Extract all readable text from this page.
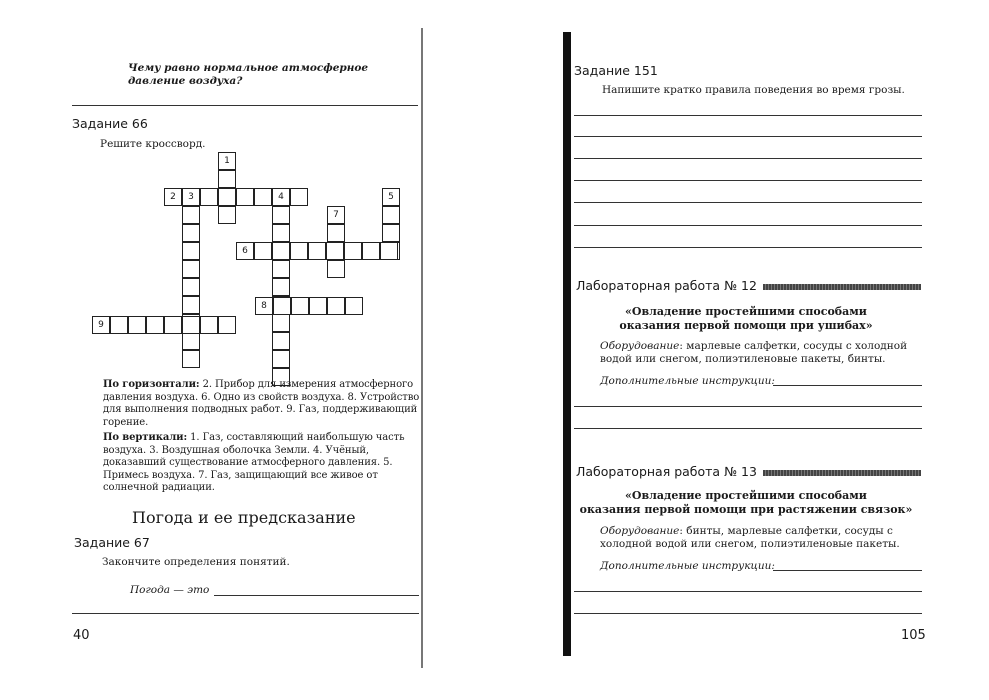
Чему равно нормальное атмосферное давление воздуха?
Задание 66
Решите кроссворд.
1
2	3	4	5
6
7
8
9
По горизонтали: 2. Прибор для измерения атмосферного давления воздуха. 6. Одно из свойств воздуха. 8. Устройство для выполнения подводных работ. 9. Газ, поддерживающий горение.
По вертикали: 1. Газ, составляющий наибольшую часть воздуха. 3. Воздушная оболочка Земли. 4. Учёный, доказавший существование атмосферного давления. 5. Примесь воздуха. 7. Газ, защищающий все живое от солнечной радиации.
Погода и ее предсказание
Задание 67
Закончите определения понятий.
Погода — это
40
Задание 151
Напишите кратко правила поведения во время грозы.
Лабораторная работа № 12
«Овладение простейшими способами
оказания первой помощи при ушибах»
Оборудование: марлевые салфетки, сосуды с холодной водой или снегом, полиэтиленовые пакеты, бинты.
Дополнительные инструкции:
Лабораторная работа № 13
«Овладение простейшими способами
оказания первой помощи при растяжении связок»
Оборудование: бинты, марлевые салфетки, сосуды с холодной водой или снегом, полиэтиленовые пакеты.
Дополнительные инструкции:
105
